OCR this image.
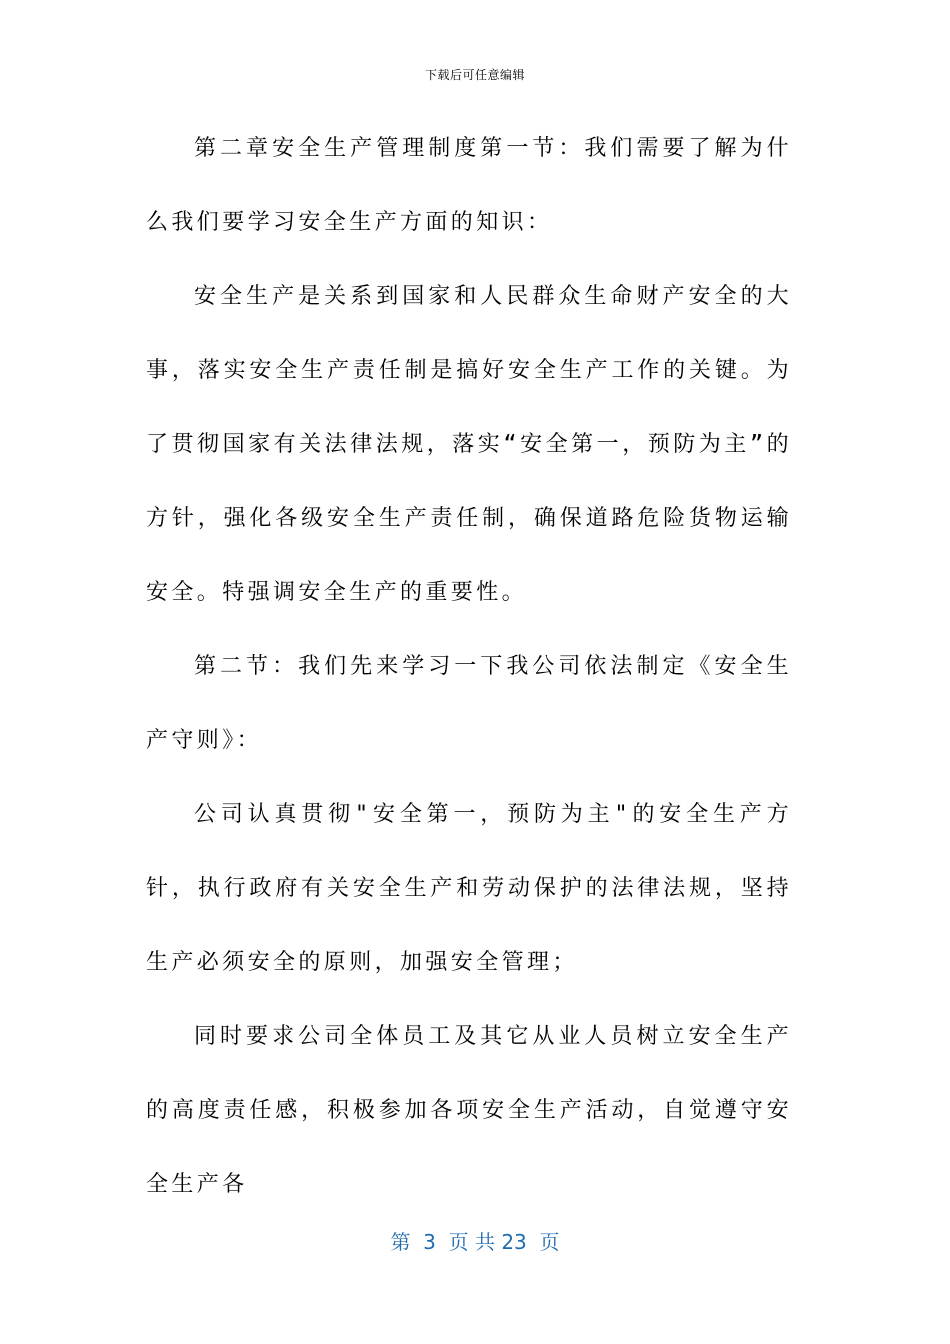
下载后可任意编辑

第二章安全生产管理制度第一节：我们需要了解为什么我们要学习安全生产方面的知识：

安全生产是关系到国家和人民群众生命财产安全的大事，落实安全生产责任制是搞好安全生产工作的关键。为了贯彻国家有关法律法规，落实“安全第一，预防为主”的方针，强化各级安全生产责任制，确保道路危险货物运输安全。特强调安全生产的重要性。

第二节：我们先来学习一下我公司依法制定《安全生产守则》：

公司认真贯彻"安全第一，预防为主"的安全生产方针，执行政府有关安全生产和劳动保护的法律法规，坚持生产必须安全的原则，加强安全管理；

同时要求公司全体员工及其它从业人员树立安全生产的高度责任感，积极参加各项安全生产活动，自觉遵守安全生产各

第  3  页 共 23  页
